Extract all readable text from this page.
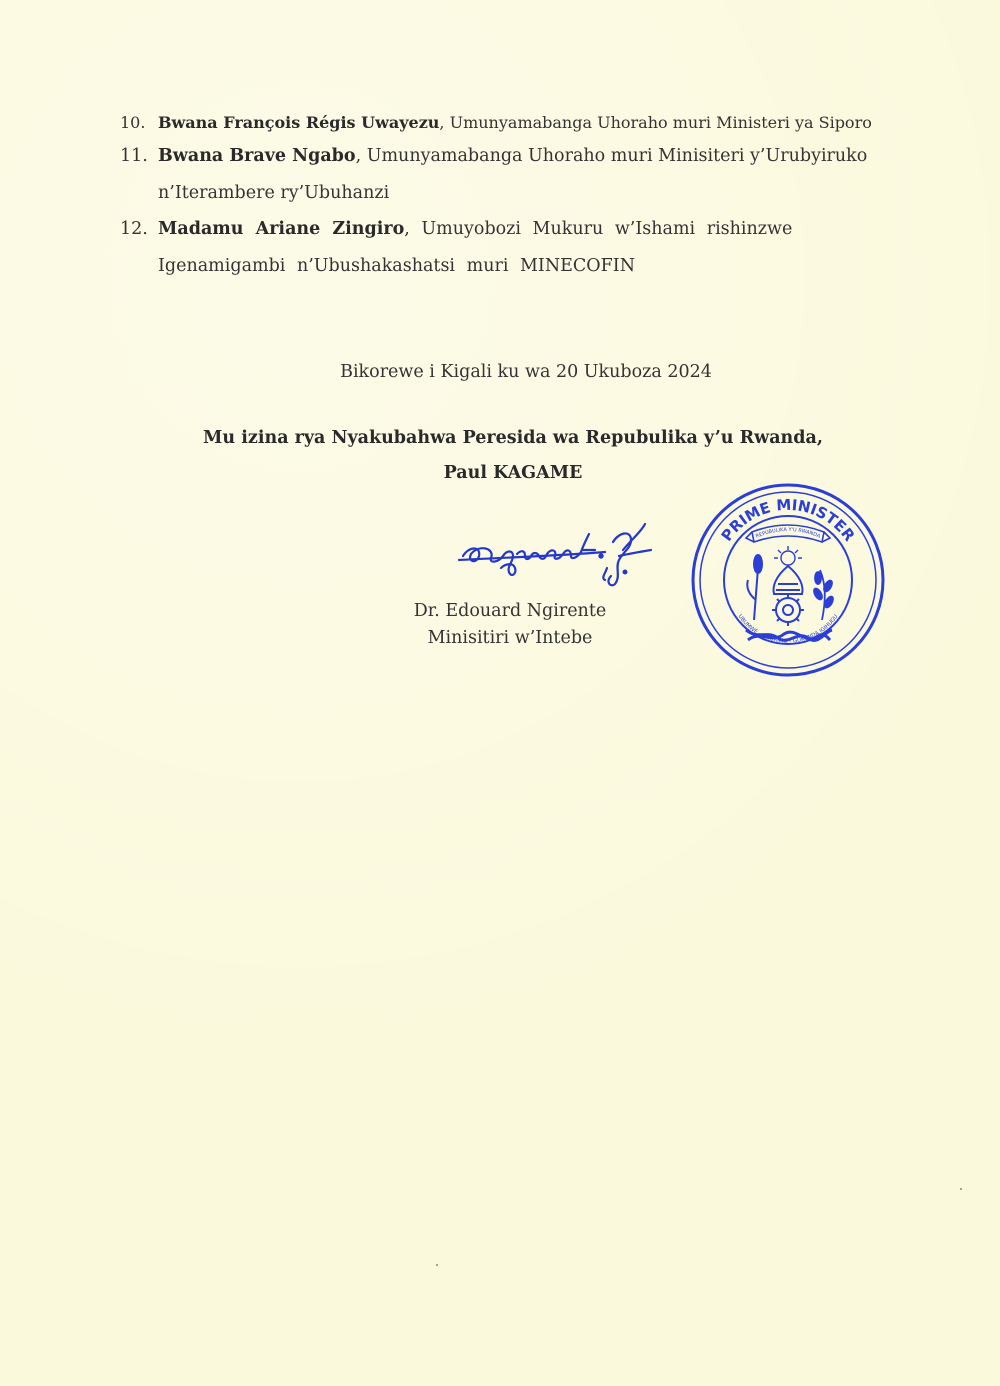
10. Bwana François Régis Uwayezu, Umunyamabanga Uhoraho muri Ministeri ya Siporo
11. Bwana Brave Ngabo, Umunyamabanga Uhoraho muri Minisiteri y’Urubyiruko
n’Iterambere ry’Ubuhanzi
12. Madamu Ariane Zingiro, Umuyobozi Mukuru w’Ishami rishinzwe
Igenamigambi n’Ubushakashatsi muri MINECOFIN
Bikorewe i Kigali ku wa 20 Ukuboza 2024
Mu izina rya Nyakubahwa Peresida wa Repubulika y’u Rwanda,
Paul KAGAME
Dr. Edouard Ngirente
Minisitiri w’Intebe
PRIME MINISTER
UBUMWE - UMURIMO - GUKUNDA IGIHUGU
REPUBULIKA Y'U RWANDA
